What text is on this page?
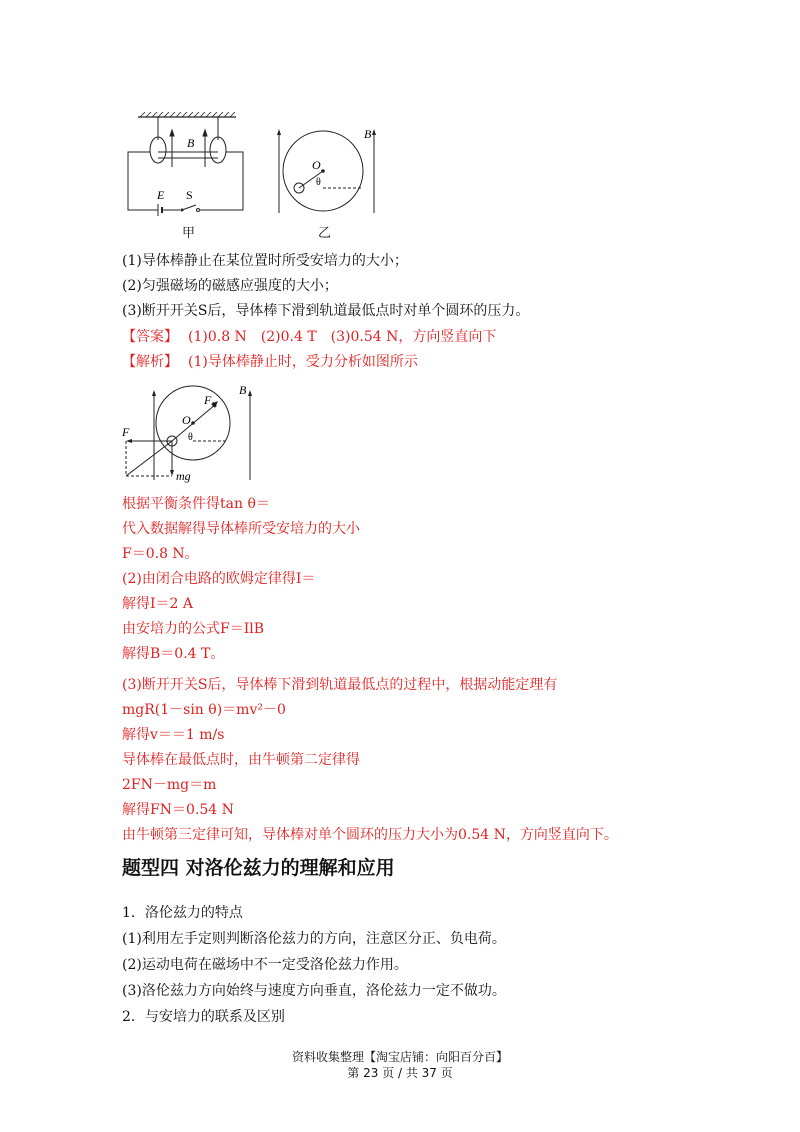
B
E S
甲
O
θ
B
乙
(1)导体棒静止在某位置时所受安培力的大小；
(2)匀强磁场的磁感应强度的大小；
(3)断开开关S后，导体棒下滑到轨道最低点时对单个圆环的压力。
【答案】 (1)0.8 N　(2)0.4 T　(3)0.54 N，方向竖直向下
【解析】 (1)导体棒静止时，受力分析如图所示
O
F N
θ
F
mg
B
根据平衡条件得tan θ＝
代入数据解得导体棒所受安培力的大小
F＝0.8 N。
(2)由闭合电路的欧姆定律得I＝
解得I＝2 A
由安培力的公式F＝IlB
解得B＝0.4 T。
(3)断开开关S后，导体棒下滑到轨道最低点的过程中，根据动能定理有
mgR(1－sin θ)＝mv²－0
解得v＝＝1 m/s
导体棒在最低点时，由牛顿第二定律得
2FN－mg＝m
解得FN＝0.54 N
由牛顿第三定律可知，导体棒对单个圆环的压力大小为0.54 N，方向竖直向下。
题型四 对洛伦兹力的理解和应用
1．洛伦兹力的特点
(1)利用左手定则判断洛伦兹力的方向，注意区分正、负电荷。
(2)运动电荷在磁场中不一定受洛伦兹力作用。
(3)洛伦兹力方向始终与速度方向垂直，洛伦兹力一定不做功。
2．与安培力的联系及区别
资料收集整理【淘宝店铺：向阳百分百】
第 23 页 / 共 37 页
